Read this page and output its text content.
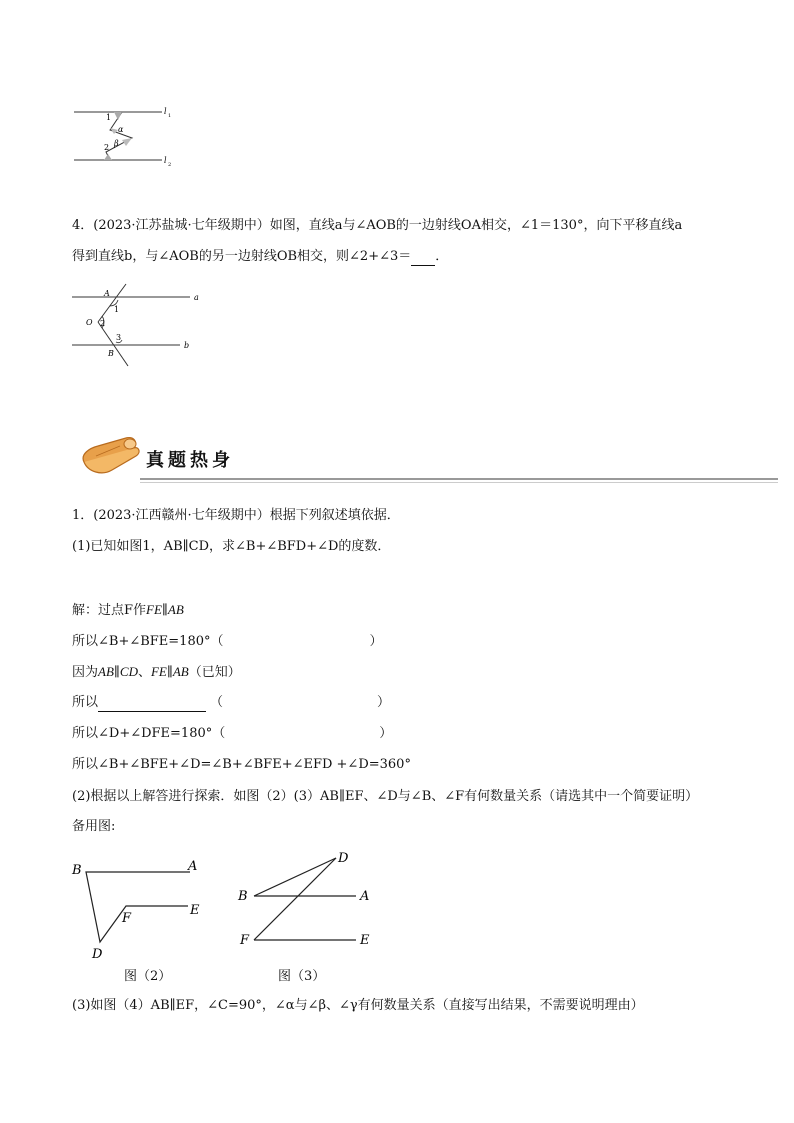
1
α
2 β
l 1
l 2
4．(2023·江苏盐城·七年级期中）如图，直线a与∠AOB的一边射线OA相交，∠1＝130°，向下平移直线a
得到直线b，与∠AOB的另一边射线OB相交，则∠2+∠3＝ ．
A
1
O 2
3
B
a
b
真题热身
1．(2023·江西赣州·七年级期中）根据下列叙述填依据．
(1)已知如图1，AB∥CD，求∠B+∠BFD+∠D的度数．
解：过点F作FE∥AB
所以∠B+∠BFE=180°（	）
因为AB∥CD、FE∥AB（已知）
所以	（	）
所以∠D+∠DFE=180°（	）
所以∠B+∠BFE+∠D=∠B+∠BFE+∠EFD +∠D=360°
(2)根据以上解答进行探索．如图（2）(3）AB∥EF、∠D与∠B、∠F有何数量关系（请选其中一个简要证明）
备用图:
B	A
F
E
D
图（2）
D
B	A
F	E
图（3）
(3)如图（4）AB∥EF，∠C=90°，∠α与∠β、∠γ有何数量关系（直接写出结果，不需要说明理由）
